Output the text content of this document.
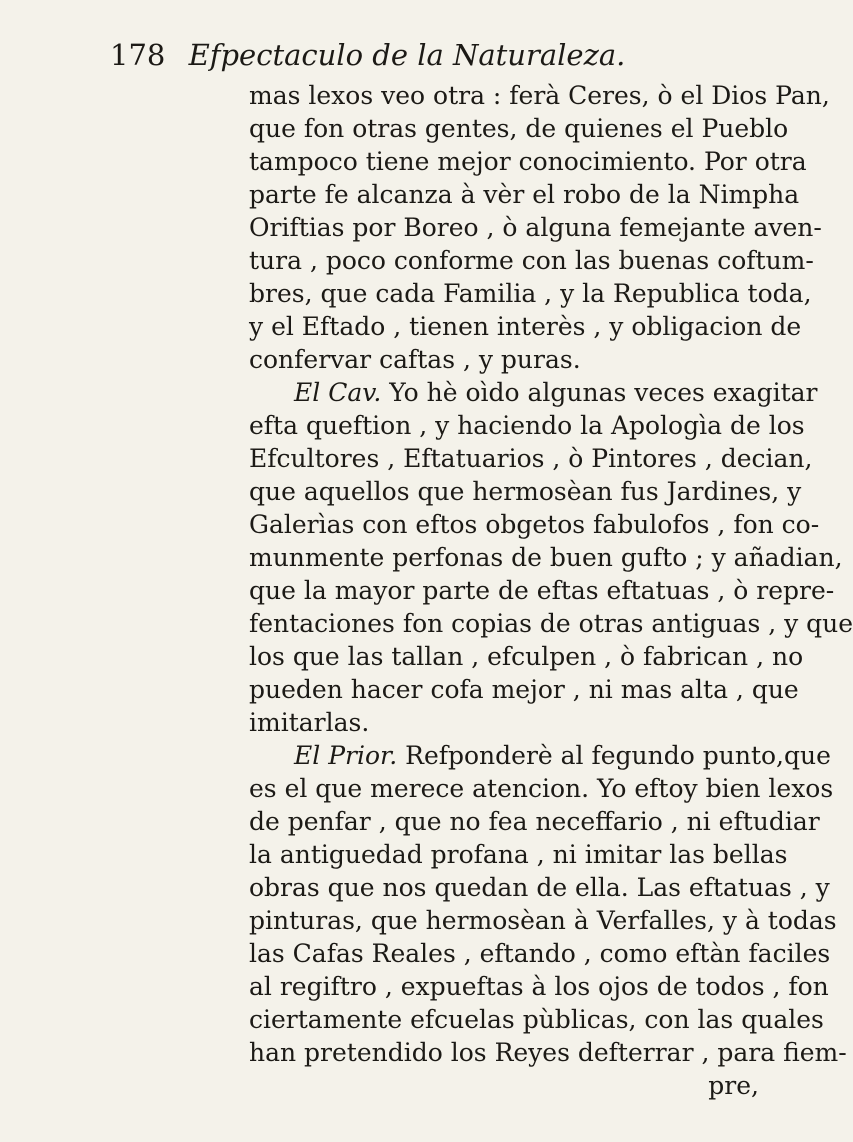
178 Efpectaculo de la Naturaleza.
mas lexos veo otra : ferà Ceres, ò el Dios Pan,
que fon otras gentes, de quienes el Pueblo
tampoco tiene mejor conocimiento. Por otra
parte fe alcanza à vèr el robo de la Nimpha
Oriftias por Boreo , ò alguna femejante aven-
tura , poco conforme con las buenas coftum-
bres, que cada Familia , y la Republica toda,
y el Eftado , tienen interès , y obligacion de
confervar caftas , y puras.
El Cav. Yo hè oìdo algunas veces exagitar
efta queftion , y haciendo la Apologìa de los
Efcultores , Eftatuarios , ò Pintores , decian,
que aquellos que hermosèan fus Jardines, y
Galerìas con eftos obgetos fabulofos , fon co-
munmente perfonas de buen gufto ; y añadian,
que la mayor parte de eftas eftatuas , ò repre-
fentaciones fon copias de otras antiguas , y que
los que las tallan , efculpen , ò fabrican , no
pueden hacer cofa mejor , ni mas alta , que
imitarlas.
El Prior. Refponderè al fegundo punto,que
es el que merece atencion. Yo eftoy bien lexos
de penfar , que no fea neceffario , ni eftudiar
la antiguedad profana , ni imitar las bellas
obras que nos quedan de ella. Las eftatuas , y
pinturas, que hermosèan à Verfalles, y à todas
las Cafas Reales , eftando , como eftàn faciles
al regiftro , expueftas à los ojos de todos , fon
ciertamente efcuelas pùblicas, con las quales
han pretendido los Reyes defterrar , para fiem-
pre,
